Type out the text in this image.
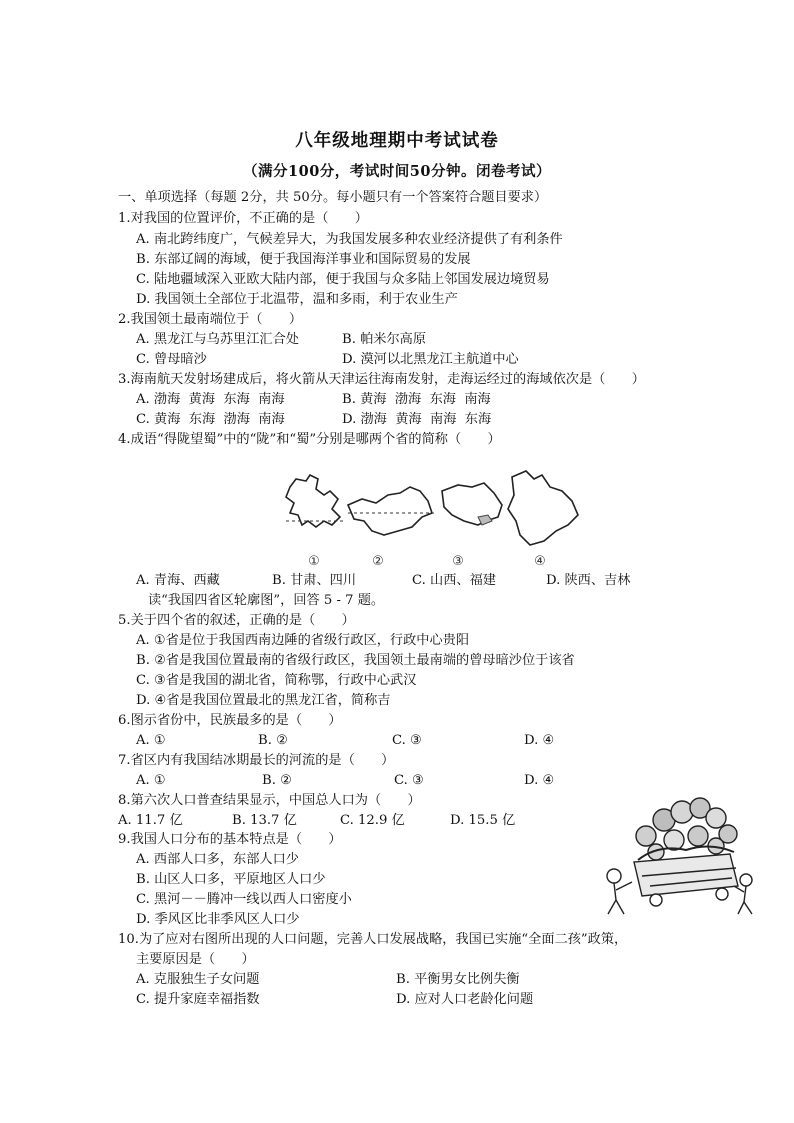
八年级地理期中考试试卷
（满分100分，考试时间50分钟。闭卷考试）
一、单项选择（每题 2分，共 50分。每小题只有一个答案符合题目要求）
1.对我国的位置评价，不正确的是（　　）
A. 南北跨纬度广，气候差异大，为我国发展多种农业经济提供了有利条件
B. 东部辽阔的海域，便于我国海洋事业和国际贸易的发展
C. 陆地疆域深入亚欧大陆内部，便于我国与众多陆上邻国发展边境贸易
D. 我国领土全部位于北温带，温和多雨，利于农业生产
2.我国领土最南端位于（　　）
A. 黑龙江与乌苏里江汇合处	B. 帕米尔高原
C. 曾母暗沙	D. 漠河以北黑龙江主航道中心
3.海南航天发射场建成后，将火箭从天津运往海南发射，走海运经过的海域依次是（　　）
A. 渤海  黄海  东海  南海	B. 黄海  渤海  东海  南海
C. 黄海  东海  渤海  南海	D. 渤海  黄海  南海  东海
4.成语“得陇望蜀”中的“陇”和“蜀”分别是哪两个省的简称（　　）
①	②	③	④
A. 青海、西藏	B. 甘肃、四川	C. 山西、福建	D. 陕西、吉林
读“我国四省区轮廓图”，回答 5 - 7 题。
5.关于四个省的叙述，正确的是（　　）
A. ①省是位于我国西南边陲的省级行政区，行政中心贵阳
B. ②省是我国位置最南的省级行政区，我国领土最南端的曾母暗沙位于该省
C. ③省是我国的湖北省，简称鄂，行政中心武汉
D. ④省是我国位置最北的黑龙江省，简称吉
6.图示省份中，民族最多的是（　　）
A. ①	B. ②	C. ③	D. ④
7.省区内有我国结冰期最长的河流的是（　　）
A. ①	B. ②	C. ③	D. ④
8.第六次人口普查结果显示，中国总人口为（　　）
A. 11.7 亿	B. 13.7 亿	C. 12.9 亿	D. 15.5 亿
9.我国人口分布的基本特点是（　　）
A. 西部人口多，东部人口少
B. 山区人口多，平原地区人口少
C. 黑河－－腾冲一线以西人口密度小
D. 季风区比非季风区人口少
10.为了应对右图所出现的人口问题，完善人口发展战略，我国已实施“全面二孩”政策，
主要原因是（　　）
A. 克服独生子女问题	B. 平衡男女比例失衡
C. 提升家庭幸福指数	D. 应对人口老龄化问题
